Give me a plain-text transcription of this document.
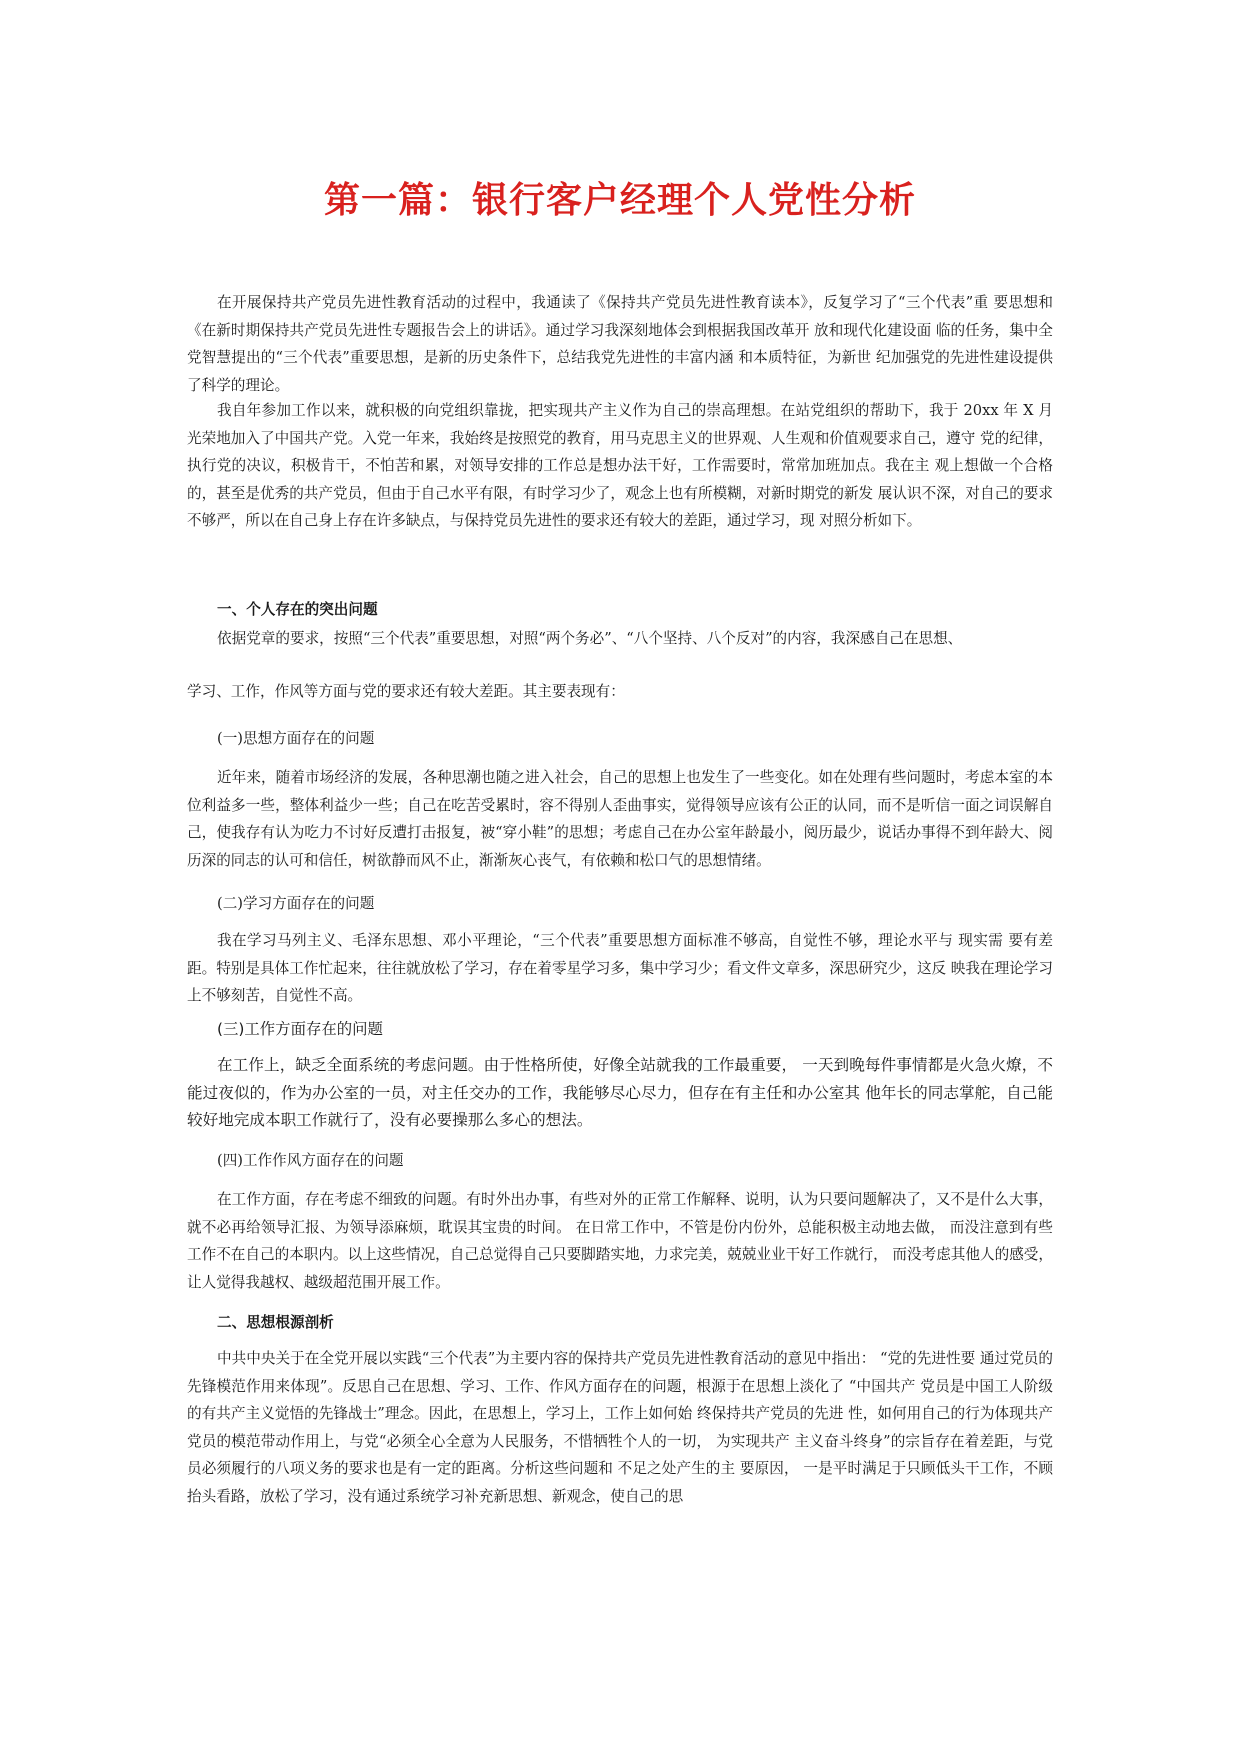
第一篇：银行客户经理个人党性分析
在开展保持共产党员先进性教育活动的过程中，我通读了《保持共产党员先进性教育读本》，反复学习了“三个代表”重 要思想和《在新时期保持共产党员先进性专题报告会上的讲话》。通过学习我深刻地体会到根据我国改革开 放和现代化建设面 临的任务，集中全党智慧提出的“三个代表”重要思想，是新的历史条件下，总结我党先进性的丰富内涵 和本质特征，为新世 纪加强党的先进性建设提供了科学的理论。
我自年参加工作以来，就积极的向党组织靠拢，把实现共产主义作为自己的崇高理想。在站党组织的帮助下，我于 20xx 年 X 月光荣地加入了中国共产党。入党一年来，我始终是按照党的教育，用马克思主义的世界观、人生观和价值观要求自己，遵守 党的纪律，执行党的决议，积极肯干，不怕苦和累，对领导安排的工作总是想办法干好，工作需要时，常常加班加点。我在主 观上想做一个合格的，甚至是优秀的共产党员，但由于自己水平有限，有时学习少了，观念上也有所模糊，对新时期党的新发 展认识不深，对自己的要求不够严，所以在自己身上存在许多缺点，与保持党员先进性的要求还有较大的差距，通过学习，现 对照分析如下。
一、个人存在的突出问题
依据党章的要求，按照“三个代表”重要思想，对照“两个务必”、“八个坚持、八个反对”的内容，我深感自己在思想、
学习、工作，作风等方面与党的要求还有较大差距。其主要表现有：
(一)思想方面存在的问题
近年来，随着市场经济的发展，各种思潮也随之进入社会，自己的思想上也发生了一些变化。如在处理有些问题时，考虑本室的本位利益多一些，整体利益少一些；自己在吃苦受累时，容不得别人歪曲事实，觉得领导应该有公正的认同，而不是听信一面之词误解自己，使我存有认为吃力不讨好反遭打击报复，被“穿小鞋”的思想；考虑自己在办公室年龄最小，阅历最少，说话办事得不到年龄大、阅历深的同志的认可和信任，树欲静而风不止，渐渐灰心丧气，有依赖和松口气的思想情绪。
(二)学习方面存在的问题
我在学习马列主义、毛泽东思想、邓小平理论，“三个代表”重要思想方面标准不够高，自觉性不够，理论水平与 现实需 要有差距。特别是具体工作忙起来，往往就放松了学习，存在着零星学习多，集中学习少；看文件文章多，深思研究少，这反 映我在理论学习上不够刻苦，自觉性不高。
(三)工作方面存在的问题
在工作上，缺乏全面系统的考虑问题。由于性格所使，好像全站就我的工作最重要， 一天到晚每件事情都是火急火燎，不 能过夜似的，作为办公室的一员，对主任交办的工作，我能够尽心尽力，但存在有主任和办公室其 他年长的同志掌舵，自己能 较好地完成本职工作就行了，没有必要操那么多心的想法。
(四)工作作风方面存在的问题
在工作方面，存在考虑不细致的问题。有时外出办事，有些对外的正常工作解释、说明，认为只要问题解决了，又不是什么大事，就不必再给领导汇报、为领导添麻烦，耽误其宝贵的时间。 在日常工作中，不管是份内份外，总能积极主动地去做， 而没注意到有些工作不在自己的本职内。以上这些情况，自己总觉得自己只要脚踏实地，力求完美，兢兢业业干好工作就行， 而没考虑其他人的感受，让人觉得我越权、越级超范围开展工作。
二、思想根源剖析
中共中央关于在全党开展以实践“三个代表”为主要内容的保持共产党员先进性教育活动的意见中指出： “党的先进性要 通过党员的先锋模范作用来体现”。反思自己在思想、学习、工作、作风方面存在的问题，根源于在思想上淡化了 “中国共产 党员是中国工人阶级的有共产主义觉悟的先锋战士”理念。因此，在思想上，学习上，工作上如何始 终保持共产党员的先进 性，如何用自己的行为体现共产党员的模范带动作用上，与党“必须全心全意为人民服务，不惜牺牲个人的一切， 为实现共产 主义奋斗终身”的宗旨存在着差距，与党员必须履行的八项义务的要求也是有一定的距离。分析这些问题和 不足之处产生的主 要原因， 一是平时满足于只顾低头干工作，不顾抬头看路，放松了学习，没有通过系统学习补充新思想、新观念，使自己的思
